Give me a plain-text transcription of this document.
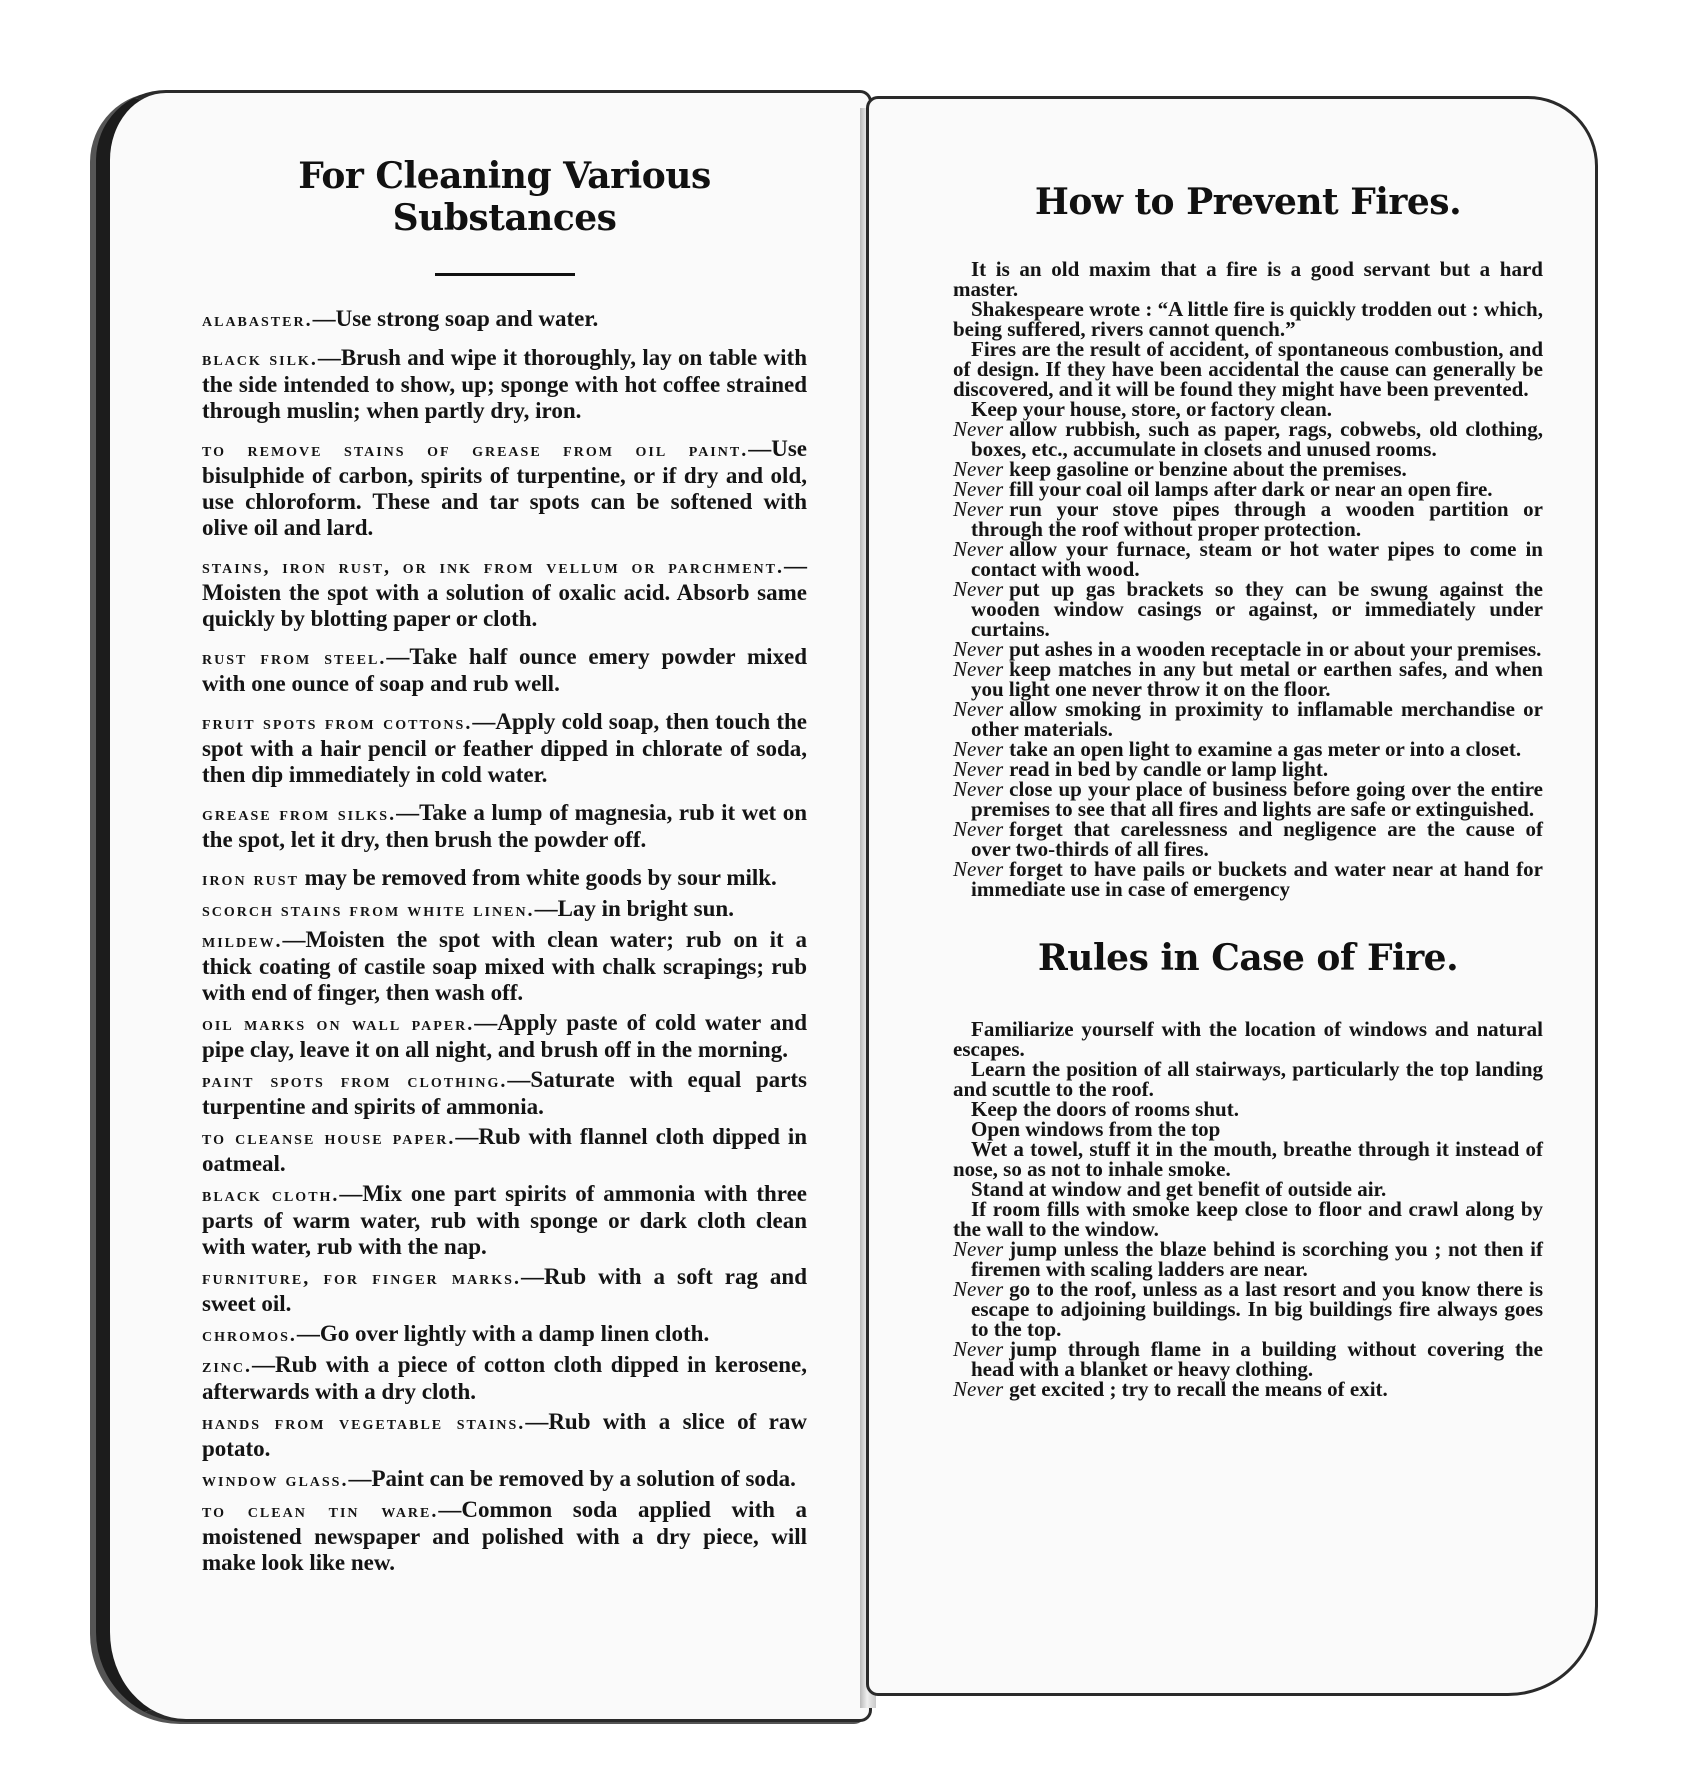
For Cleaning Various Substances

alabaster.—Use strong soap and water.

black silk.—Brush and wipe it thoroughly, lay on table with the side intended to show, up; sponge with hot coffee strained through muslin; when partly dry, iron.

to remove stains of grease from oil paint.—Use bisulphide of carbon, spirits of turpentine, or if dry and old, use chloroform. These and tar spots can be softened with olive oil and lard.

stains, iron rust, or ink from vellum or parchment.—Moisten the spot with a solution of oxalic acid. Absorb same quickly by blotting paper or cloth.

rust from steel.—Take half ounce emery powder mixed with one ounce of soap and rub well.

fruit spots from cottons.—Apply cold soap, then touch the spot with a hair pencil or feather dipped in chlorate of soda, then dip immediately in cold water.

grease from silks.—Take a lump of magnesia, rub it wet on the spot, let it dry, then brush the powder off.

iron rust may be removed from white goods by sour milk.

scorch stains from white linen.—Lay in bright sun.

mildew.—Moisten the spot with clean water; rub on it a thick coating of castile soap mixed with chalk scrapings; rub with end of finger, then wash off.

oil marks on wall paper.—Apply paste of cold water and pipe clay, leave it on all night, and brush off in the morning.

paint spots from clothing.—Saturate with equal parts turpentine and spirits of ammonia.

to cleanse house paper.—Rub with flannel cloth dipped in oatmeal.

black cloth.—Mix one part spirits of ammonia with three parts of warm water, rub with sponge or dark cloth clean with water, rub with the nap.

furniture, for finger marks.—Rub with a soft rag and sweet oil.

chromos.—Go over lightly with a damp linen cloth.

zinc.—Rub with a piece of cotton cloth dipped in kerosene, afterwards with a dry cloth.

hands from vegetable stains.—Rub with a slice of raw potato.

window glass.—Paint can be removed by a solution of soda.

to clean tin ware.—Common soda applied with a moistened newspaper and polished with a dry piece, will make look like new.

How to Prevent Fires.

It is an old maxim that a fire is a good servant but a hard master.

Shakespeare wrote : “A little fire is quickly trodden out : which, being suffered, rivers cannot quench.”

Fires are the result of accident, of spontaneous combustion, and of design. If they have been accidental the cause can generally be discovered, and it will be found they might have been prevented.

Keep your house, store, or factory clean.

Never allow rubbish, such as paper, rags, cobwebs, old clothing, boxes, etc., accumulate in closets and unused rooms.

Never keep gasoline or benzine about the premises.

Never fill your coal oil lamps after dark or near an open fire.

Never run your stove pipes through a wooden partition or through the roof without proper protection.

Never allow your furnace, steam or hot water pipes to come in contact with wood.

Never put up gas brackets so they can be swung against the wooden window casings or against, or immediately under curtains.

Never put ashes in a wooden receptacle in or about your premises.

Never keep matches in any but metal or earthen safes, and when you light one never throw it on the floor.

Never allow smoking in proximity to inflamable merchandise or other materials.

Never take an open light to examine a gas meter or into a closet.

Never read in bed by candle or lamp light.

Never close up your place of business before going over the entire premises to see that all fires and lights are safe or extinguished.

Never forget that carelessness and negligence are the cause of over two-thirds of all fires.

Never forget to have pails or buckets and water near at hand for immediate use in case of emergency

Rules in Case of Fire.

Familiarize yourself with the location of windows and natural escapes.

Learn the position of all stairways, particularly the top landing and scuttle to the roof.

Keep the doors of rooms shut.

Open windows from the top

Wet a towel, stuff it in the mouth, breathe through it instead of nose, so as not to inhale smoke.

Stand at window and get benefit of outside air.

If room fills with smoke keep close to floor and crawl along by the wall to the window.

Never jump unless the blaze behind is scorching you ; not then if firemen with scaling ladders are near.

Never go to the roof, unless as a last resort and you know there is escape to adjoining buildings. In big buildings fire always goes to the top.

Never jump through flame in a building without covering the head with a blanket or heavy clothing.

Never get excited ; try to recall the means of exit.
